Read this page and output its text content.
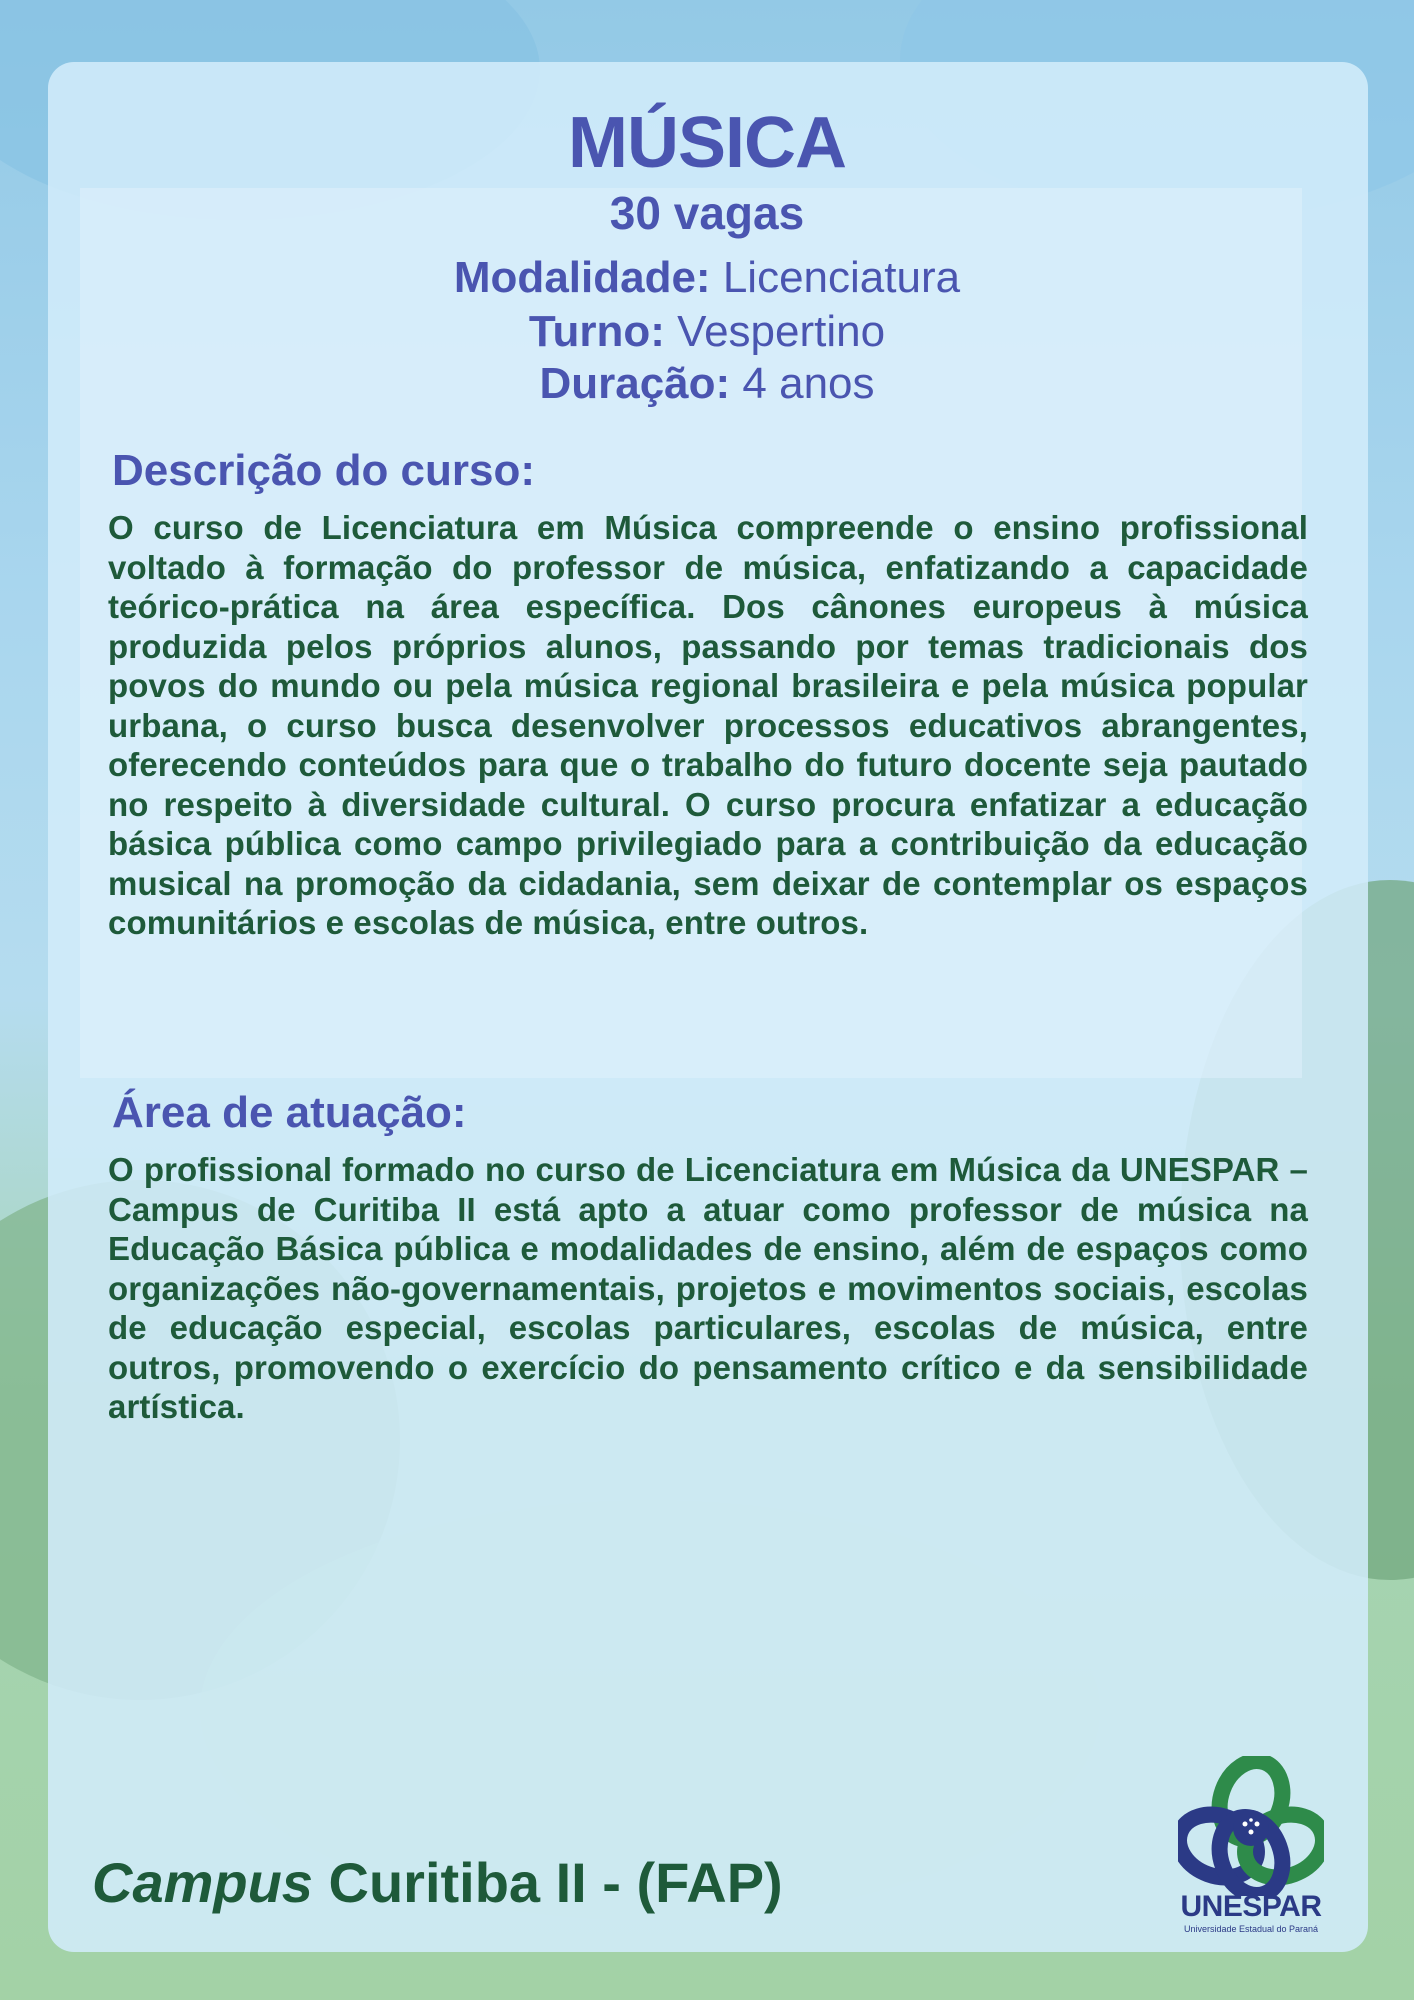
MÚSICA
30 vagas
Modalidade: Licenciatura
Turno: Vespertino
Duração: 4 anos
Descrição do curso:
O curso de Licenciatura em Música compreende o ensino profissional voltado à formação do professor de música, enfatizando a capacidade teórico-prática na área específica. Dos cânones europeus à música produzida pelos próprios alunos, passando por temas tradicionais dos povos do mundo ou pela música regional brasileira e pela música popular urbana, o curso busca desenvolver processos educativos abrangentes, oferecendo conteúdos para que o trabalho do futuro docente seja pautado no respeito à diversidade cultural. O curso procura enfatizar a educação básica pública como campo privilegiado para a contribuição da educação musical na promoção da cidadania, sem deixar de contemplar os espaços comunitários e escolas de música, entre outros.
Área de atuação:
O profissional formado no curso de Licenciatura em Música da UNESPAR – Campus de Curitiba II está apto a atuar como professor de música na Educação Básica pública e modalidades de ensino, além de espaços como organizações não-governamentais, projetos e movimentos sociais, escolas de educação especial, escolas particulares, escolas de música, entre outros, promovendo o exercício do pensamento crítico e da sensibilidade artística.
Campus Curitiba II - (FAP)	UNESPAR
Universidade Estadual do Paraná
